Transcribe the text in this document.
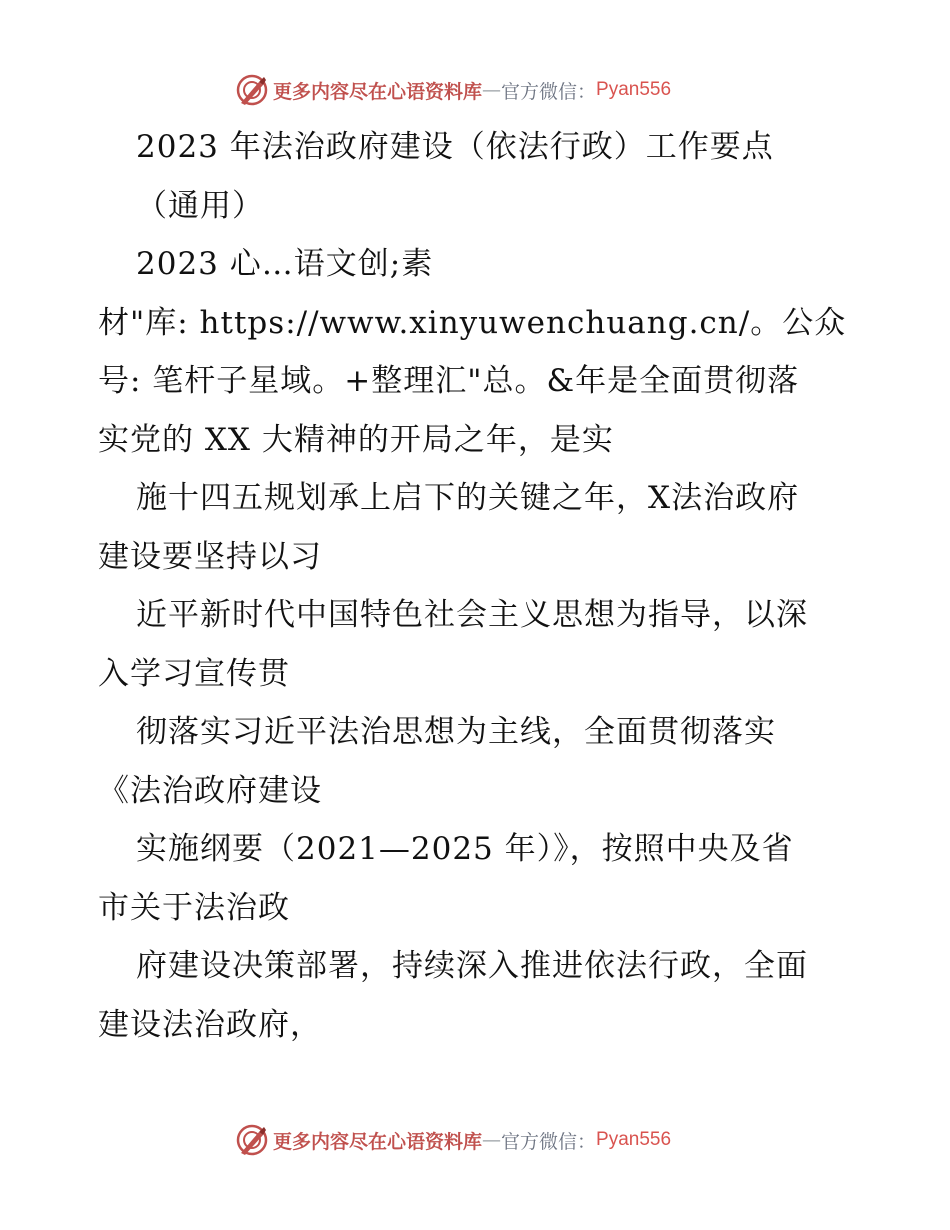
更多内容尽在心语资料库 — 官方微信： Pyan556
2023 年法治政府建设（依法行政）工作要点
（通用）
2023 心…语文创;素
材"库: https://www.xinyuwenchuang.cn/。公众
号: 笔杆子星域。+整理汇"总。&年是全面贯彻落
实党的 XX 大精神的开局之年，是实
施十四五规划承上启下的关键之年，X法治政府
建设要坚持以习
近平新时代中国特色社会主义思想为指导，以深
入学习宣传贯
彻落实习近平法治思想为主线，全面贯彻落实
《法治政府建设
实施纲要（2021—2025 年）》，按照中央及省
市关于法治政
府建设决策部署，持续深入推进依法行政，全面
建设法治政府，
更多内容尽在心语资料库 — 官方微信： Pyan556
